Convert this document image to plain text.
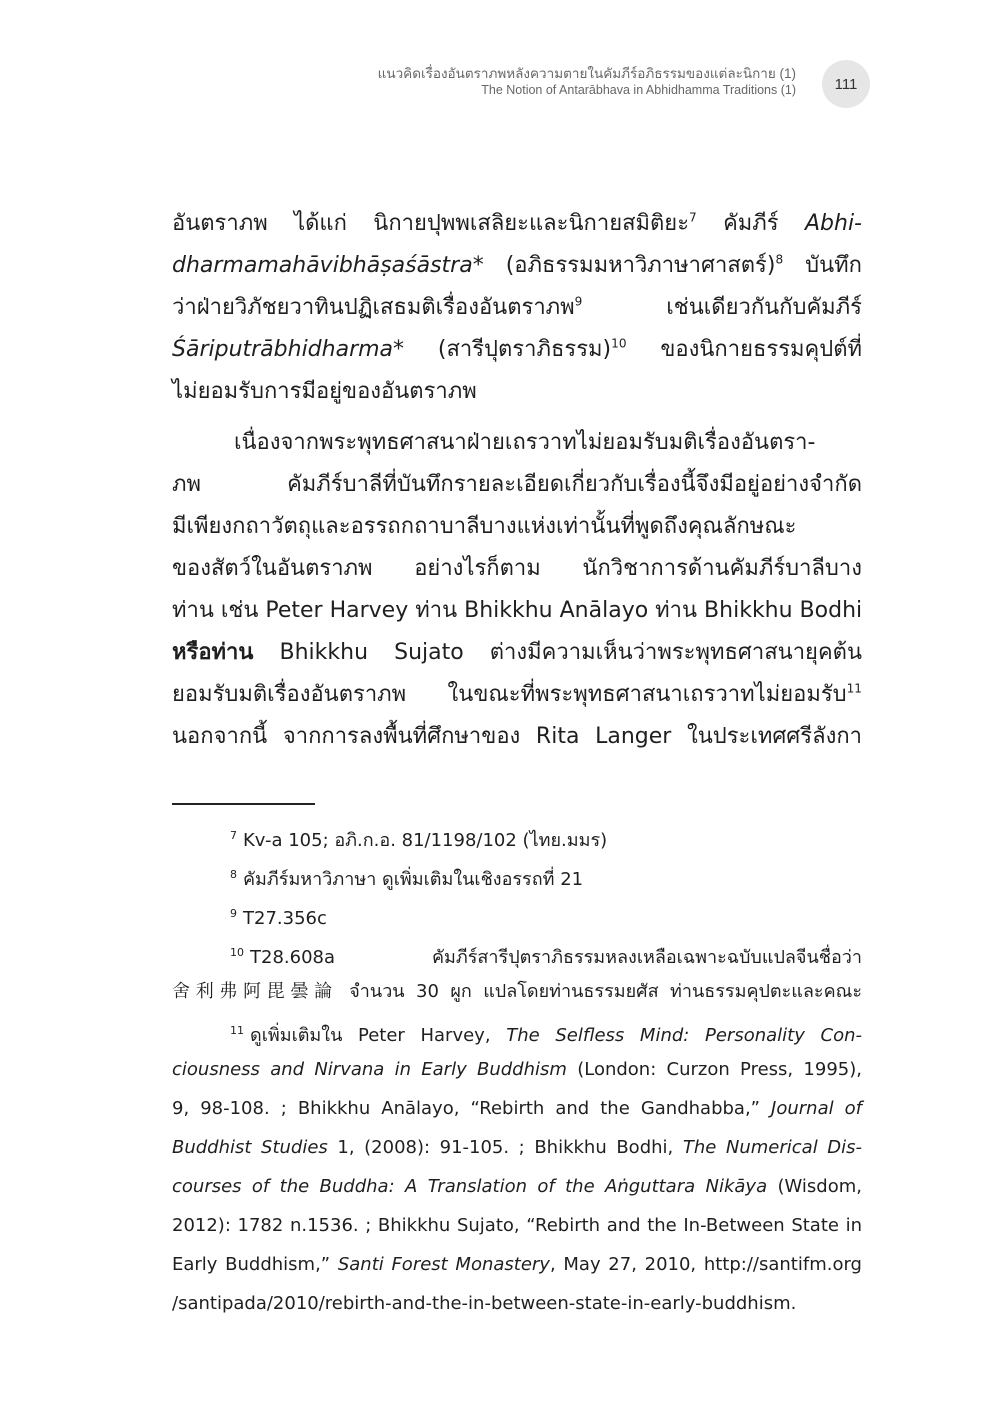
แนวคิดเรื่องอันตราภพหลังความตายในคัมภีร์อภิธรรมของแต่ละนิกาย (1)
The Notion of Antarābhava in Abhidhamma Traditions (1)	111
อันตราภพ ได้แก่ นิกายปุพพเสลิยะและนิกายสมิติยะ$^7$ คัมภีร์ Abhi-
dharmamahāvibhāṣaśāstra* (อภิธรรมมหาวิภาษาศาสตร์)$^8$ บันทึก
ว่าฝ่ายวิภัชยวาทินปฏิเสธมติเรื่องอันตราภพ$^9$ เช่นเดียวกันกับคัมภีร์
Śāriputrābhidharma* (สารีปุตราภิธรรม)$^{10}$ ของนิกายธรรมคุปต์ที่
ไม่ยอมรับการมีอยู่ของอันตราภพ
เนื่องจากพระพุทธศาสนาฝ่ายเถรวาทไม่ยอมรับมติเรื่องอันตรา-
ภพ คัมภีร์บาลีที่บันทึกรายละเอียดเกี่ยวกับเรื่องนี้จึงมีอยู่อย่างจำกัด
มีเพียงกถาวัตถุและอรรถกถาบาลีบางแห่งเท่านั้นที่พูดถึงคุณลักษณะ
ของสัตว์ในอันตราภพ อย่างไรก็ตาม นักวิชาการด้านคัมภีร์บาลีบาง
ท่าน เช่น Peter Harvey ท่าน Bhikkhu Anālayo ท่าน Bhikkhu Bodhi
หรือท่าน Bhikkhu Sujato ต่างมีความเห็นว่าพระพุทธศาสนายุคต้น
ยอมรับมติเรื่องอันตราภพ ในขณะที่พระพุทธศาสนาเถรวาทไม่ยอมรับ$^{11}$
นอกจากนี้ จากการลงพื้นที่ศึกษาของ Rita Langer ในประเทศศรีลังกา
$^7$ Kv-a 105; อภิ.ก.อ. 81/1198/102 (ไทย.มมร)
$^8$ คัมภีร์มหาวิภาษา ดูเพิ่มเติมในเชิงอรรถที่ 21
$^9$ T27.356c
$^{10}$ T28.608a คัมภีร์สารีปุตราภิธรรมหลงเหลือเฉพาะฉบับแปลจีนชื่อว่า
舍利弗阿毘曇論 จำนวน 30 ผูก แปลโดยท่านธรรมยศัส ท่านธรรมคุปตะและคณะ
$^{11}$ ดูเพิ่มเติมใน Peter Harvey, The Selfless Mind: Personality Con-
ciousness and Nirvana in Early Buddhism (London: Curzon Press, 1995),
9, 98-108. ; Bhikkhu Anālayo, “Rebirth and the Gandhabba,” Journal of
Buddhist Studies 1, (2008): 91-105. ; Bhikkhu Bodhi, The Numerical Dis-
courses of the Buddha: A Translation of the Aṅguttara Nikāya (Wisdom,
2012): 1782 n.1536. ; Bhikkhu Sujato, “Rebirth and the In-Between State in
Early Buddhism,” Santi Forest Monastery, May 27, 2010, http://santifm.org
/santipada/2010/rebirth-and-the-in-between-state-in-early-buddhism.
